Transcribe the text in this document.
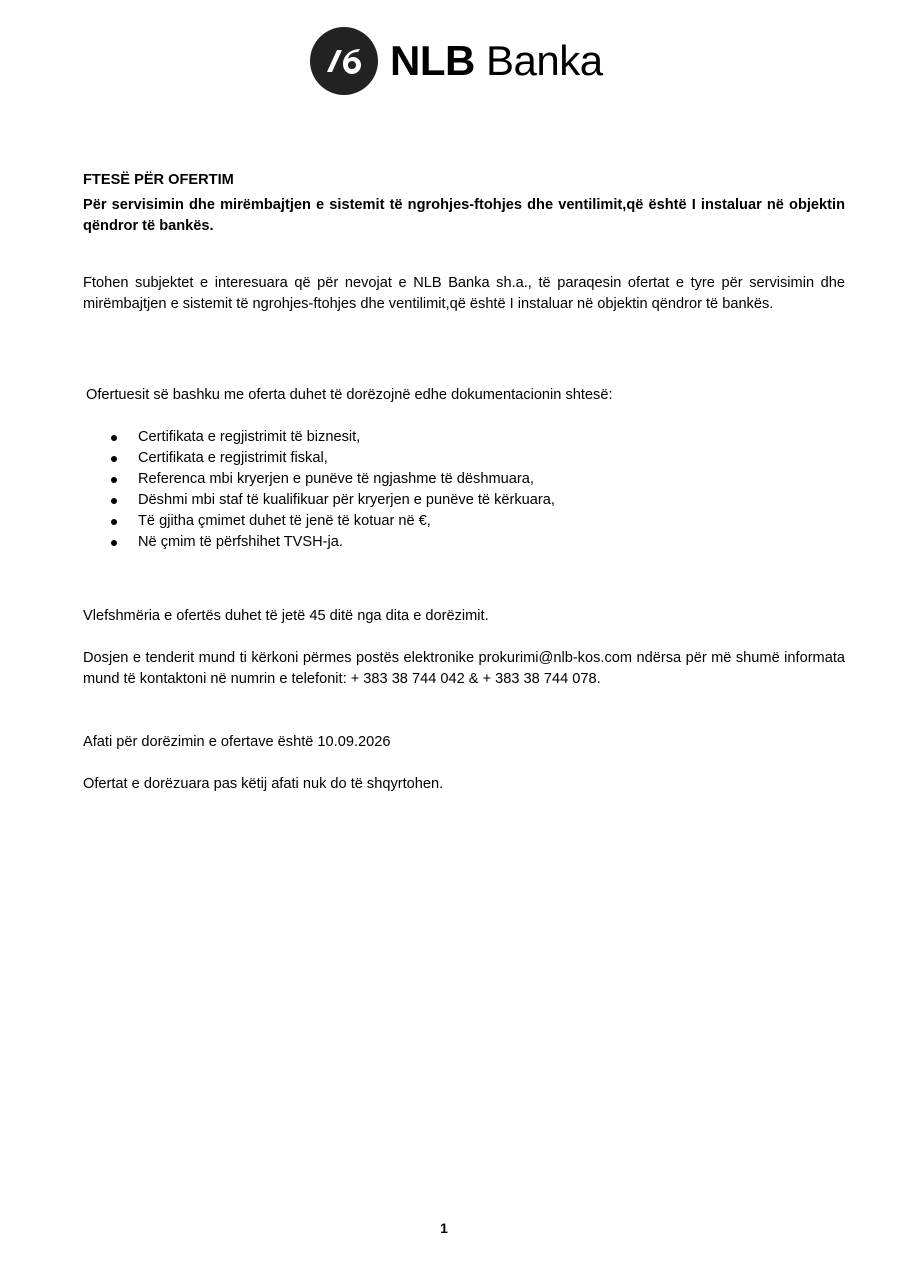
NLB Banka

FTESË PËR OFERTIM

Për servisimin dhe mirëmbajtjen e sistemit të ngrohjes-ftohjes dhe ventilimit,që është I instaluar në objektin qëndror të bankës.

Ftohen subjektet e interesuara që për nevojat e NLB Banka sh.a., të paraqesin ofertat e tyre për servisimin dhe mirëmbajtjen e sistemit të ngrohjes-ftohjes dhe ventilimit,që është I instaluar në objektin qëndror të bankës.

Ofertuesit së bashku me oferta duhet të dorëzojnë edhe dokumentacionin shtesë:

Certifikata e regjistrimit të biznesit,
Certifikata e regjistrimit fiskal,
Referenca mbi kryerjen e punëve të ngjashme të dëshmuara,
Dëshmi mbi staf të kualifikuar për kryerjen e punëve të kërkuara,
Të gjitha çmimet duhet të jenë të kotuar në €,
Në çmim të përfshihet TVSH-ja.

Vlefshmëria e ofertës duhet të jetë 45 ditë nga dita e dorëzimit.

Dosjen e tenderit mund ti kërkoni përmes postës elektronike prokurimi@nlb-kos.com ndërsa për më shumë informata mund të kontaktoni në numrin e telefonit: + 383 38 744 042 & + 383 38 744 078.

Afati për dorëzimin e ofertave është 10.09.2026

Ofertat e dorëzuara pas këtij afati nuk do të shqyrtohen.

1
